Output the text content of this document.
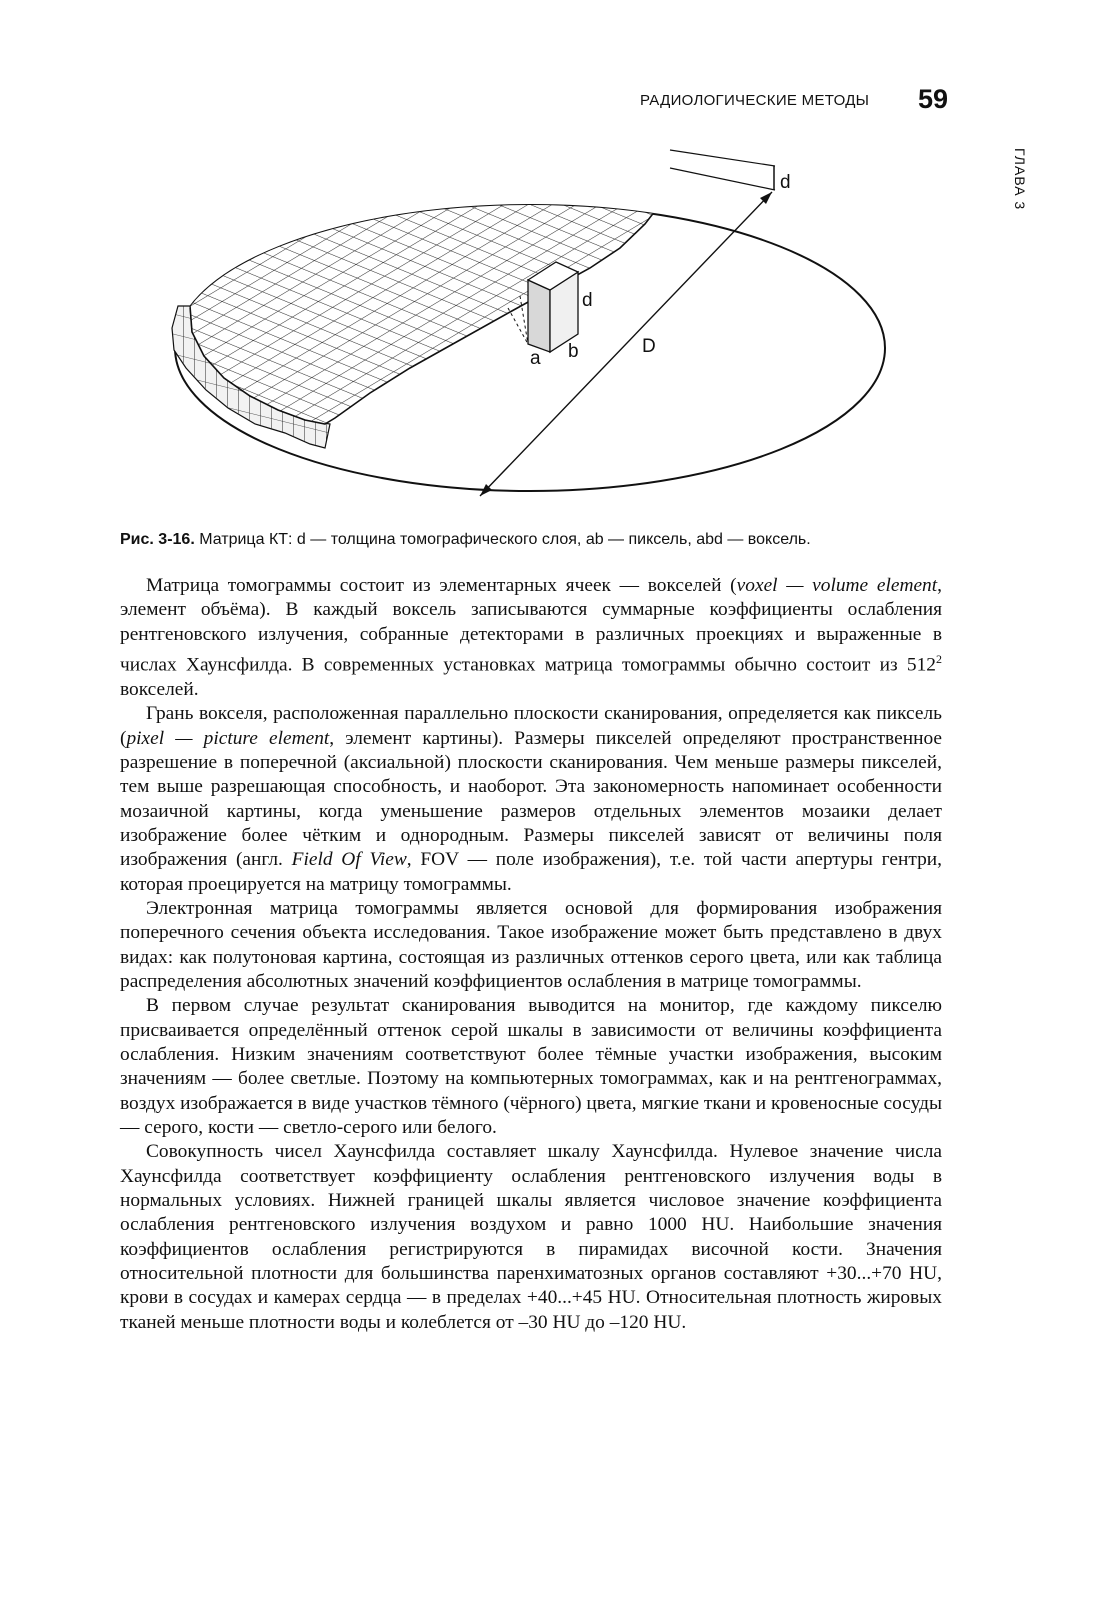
РАДИОЛОГИЧЕСКИЕ МЕТОДЫ 59
ГЛАВА 3
d
d
a b	D
Рис. 3-16. Матрица КТ: d — толщина томографического слоя, ab — пиксель, abd — воксель.

Матрица томограммы состоит из элементарных ячеек — вокселей (voxel — volume element, элемент объёма). В каждый воксель записываются суммарные коэффициенты ослабления рентгеновского излучения, собранные детекторами в различных проекциях и выраженные в числах Хаунсфилда. В современных установках матрица томограммы обычно состоит из $512^2$ вокселей.

Грань вокселя, расположенная параллельно плоскости сканирования, определяется как пиксель (pixel — picture element, элемент картины). Размеры пикселей определяют пространственное разрешение в поперечной (аксиальной) плоскости сканирования. Чем меньше размеры пикселей, тем выше разрешающая способность, и наоборот. Эта закономерность напоминает особенности мозаичной картины, когда уменьшение размеров отдельных элементов мозаики делает изображение более чётким и однородным. Размеры пикселей зависят от величины поля изображения (англ. Field Of View, FOV — поле изображения), т.е. той части апертуры гентри, которая проецируется на матрицу томограммы.

Электронная матрица томограммы является основой для формирования изображения поперечного сечения объекта исследования. Такое изображение может быть представлено в двух видах: как полутоновая картина, состоящая из различных оттенков серого цвета, или как таблица распределения абсолютных значений коэффициентов ослабления в матрице томограммы.

В первом случае результат сканирования выводится на монитор, где каждому пикселю присваивается определённый оттенок серой шкалы в зависимости от величины коэффициента ослабления. Низким значениям соответствуют более тёмные участки изображения, высоким значениям — более светлые. Поэтому на компьютерных томограммах, как и на рентгенограммах, воздух изображается в виде участков тёмного (чёрного) цвета, мягкие ткани и кровеносные сосуды — серого, кости — светло-серого или белого.

Совокупность чисел Хаунсфилда составляет шкалу Хаунсфилда. Нулевое значение числа Хаунсфилда соответствует коэффициенту ослабления рентгеновского излучения воды в нормальных условиях. Нижней границей шкалы является числовое значение коэффициента ослабления рентгеновского излучения воздухом и равно 1000 HU. Наибольшие значения коэффициентов ослабления регистрируются в пирамидах височной кости. Значения относительной плотности для большинства паренхиматозных органов составляют +30...+70 HU, крови в сосудах и камерах сердца — в пределах +40...+45 HU. Относительная плотность жировых тканей меньше плотности воды и колеблется от –30 HU до –120 HU.
